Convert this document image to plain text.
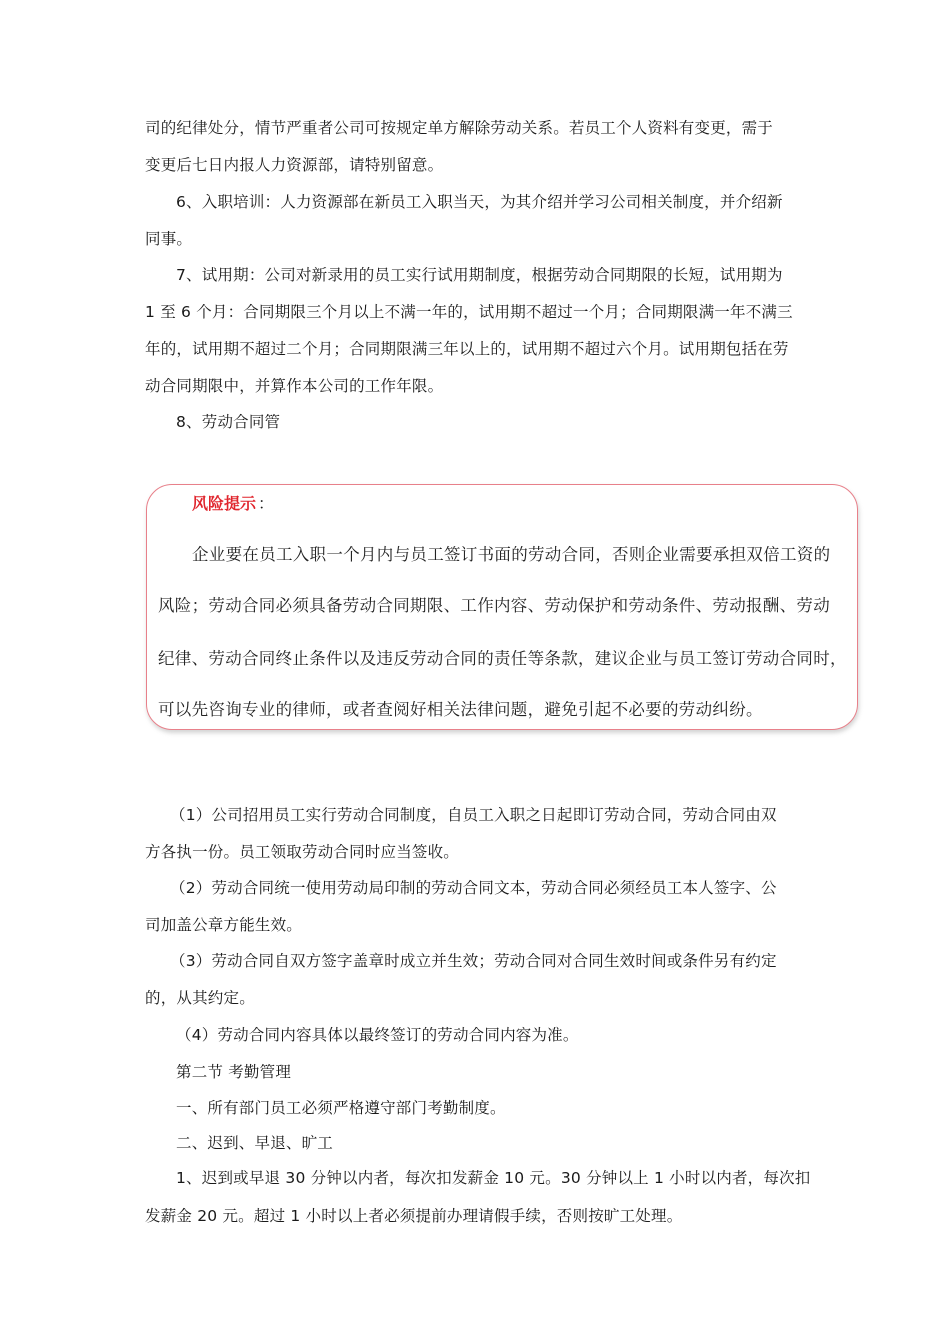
司的纪律处分，情节严重者公司可按规定单方解除劳动关系。若员工个人资料有变更，需于
变更后七日内报人力资源部，请特别留意。
6、入职培训：人力资源部在新员工入职当天，为其介绍并学习公司相关制度，并介绍新
同事。
7、试用期：公司对新录用的员工实行试用期制度，根据劳动合同期限的长短，试用期为
1 至 6 个月：合同期限三个月以上不满一年的，试用期不超过一个月；合同期限满一年不满三
年的，试用期不超过二个月；合同期限满三年以上的，试用期不超过六个月。试用期包括在劳
动合同期限中，并算作本公司的工作年限。
8、劳动合同管
风险提示 ：
企业要在员工入职一个月内与员工签订书面的劳动合同，否则企业需要承担双倍工资的
风险；劳动合同必须具备劳动合同期限、工作内容、劳动保护和劳动条件、劳动报酬、劳动
纪律、劳动合同终止条件以及违反劳动合同的责任等条款，建议企业与员工签订劳动合同时，
可以先咨询专业的律师，或者查阅好相关法律问题，避免引起不必要的劳动纠纷。
（1）公司招用员工实行劳动合同制度，自员工入职之日起即订劳动合同，劳动合同由双
方各执一份。员工领取劳动合同时应当签收。
（2）劳动合同统一使用劳动局印制的劳动合同文本，劳动合同必须经员工本人签字、公
司加盖公章方能生效。
（3）劳动合同自双方签字盖章时成立并生效；劳动合同对合同生效时间或条件另有约定
的，从其约定。
（4）劳动合同内容具体以最终签订的劳动合同内容为准。
第二节 考勤管理
一、所有部门员工必须严格遵守部门考勤制度。
二、迟到、早退、旷工
1、迟到或早退 30 分钟以内者，每次扣发薪金 10 元。30 分钟以上 1 小时以内者，每次扣
发薪金 20 元。超过 1 小时以上者必须提前办理请假手续，否则按旷工处理。
